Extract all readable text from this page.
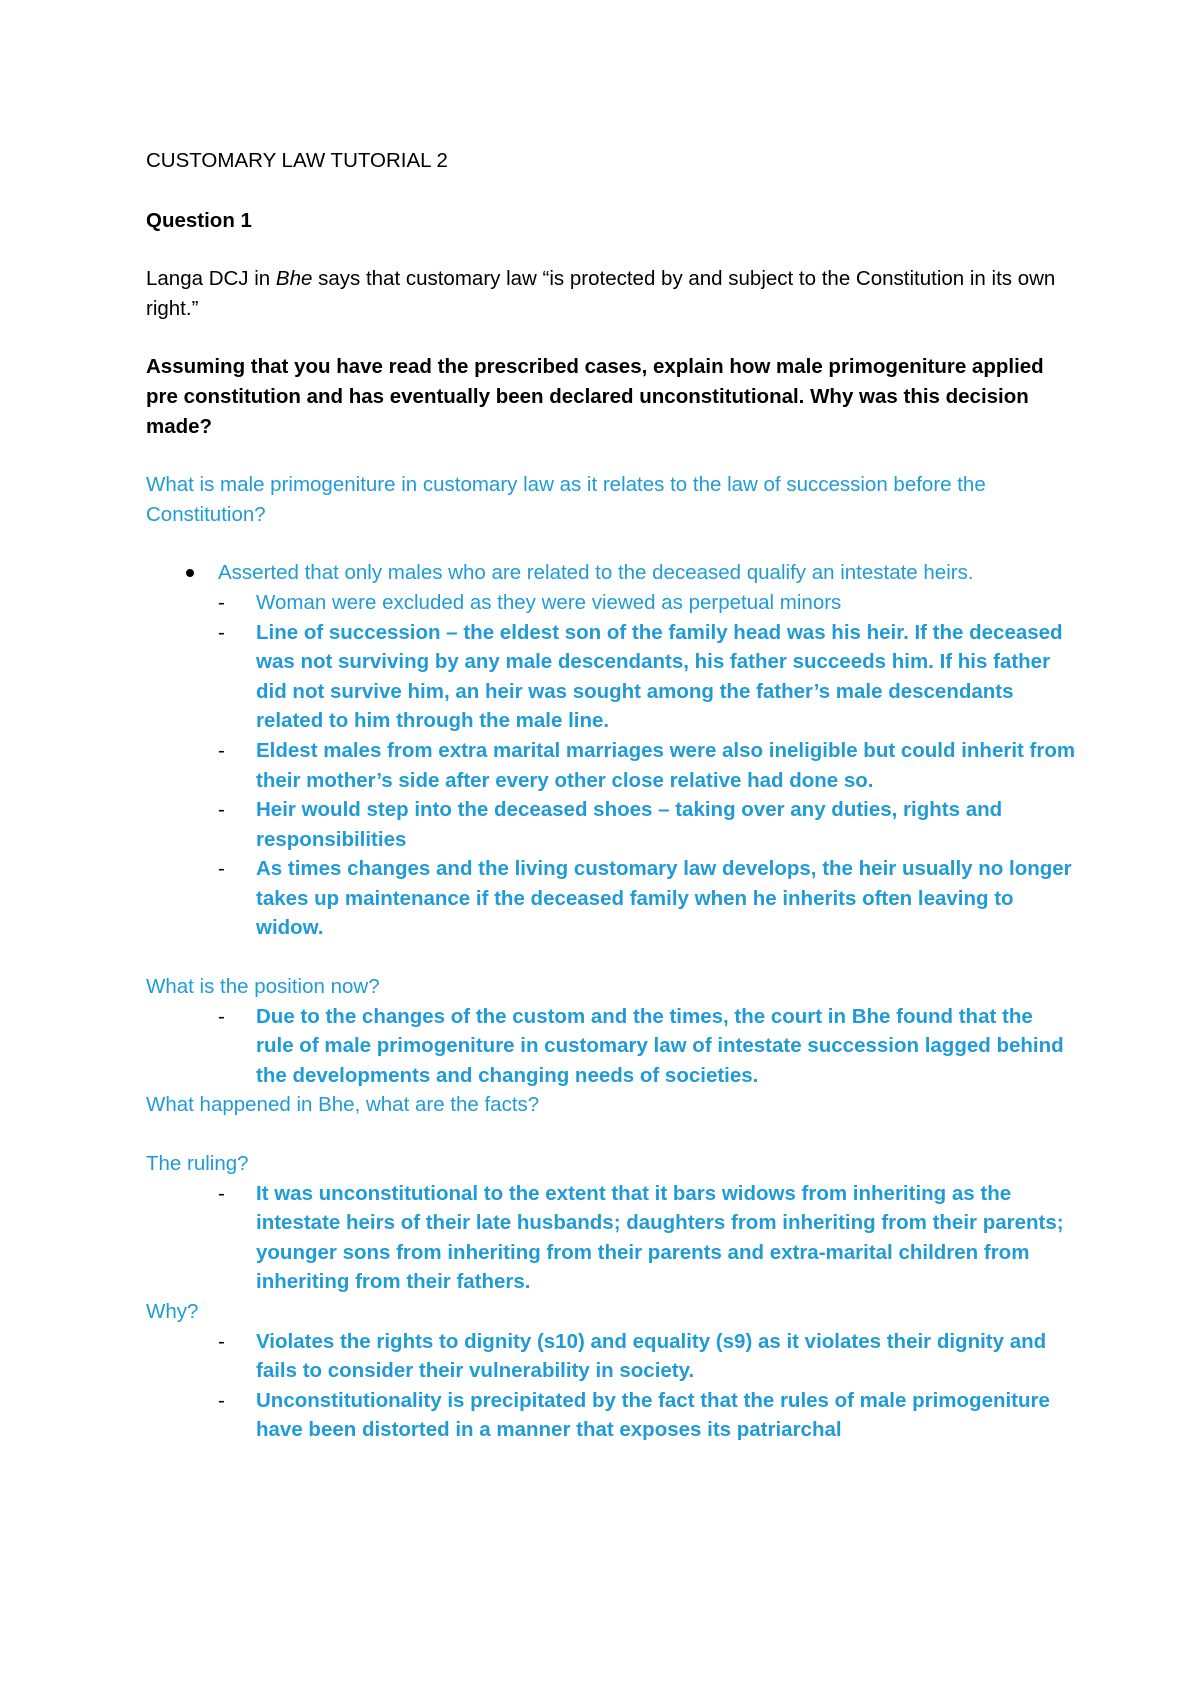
CUSTOMARY LAW TUTORIAL 2

Question 1

Langa DCJ in Bhe says that customary law “is protected by and subject to the Constitution in its own right.”

Assuming that you have read the prescribed cases, explain how male primogeniture applied pre constitution and has eventually been declared unconstitutional. Why was this decision made?

What is male primogeniture in customary law as it relates to the law of succession before the Constitution?

Asserted that only males who are related to the deceased qualify an intestate heirs.
- Woman were excluded as they were viewed as perpetual minors
- Line of succession – the eldest son of the family head was his heir. If the deceased was not surviving by any male descendants, his father succeeds him. If his father did not survive him, an heir was sought among the father’s male descendants related to him through the male line.
- Eldest males from extra marital marriages were also ineligible but could inherit from their mother’s side after every other close relative had done so.
- Heir would step into the deceased shoes – taking over any duties, rights and responsibilities
- As times changes and the living customary law develops, the heir usually no longer takes up maintenance if the deceased family when he inherits often leaving to widow.

What is the position now?

- Due to the changes of the custom and the times, the court in Bhe found that the rule of male primogeniture in customary law of intestate succession lagged behind the developments and changing needs of societies.

What happened in Bhe, what are the facts?

The ruling?

- It was unconstitutional to the extent that it bars widows from inheriting as the intestate heirs of their late husbands; daughters from inheriting from their parents; younger sons from inheriting from their parents and extra-marital children from inheriting from their fathers.

Why?

- Violates the rights to dignity (s10) and equality (s9) as it violates their dignity and fails to consider their vulnerability in society.
- Unconstitutionality is precipitated by the fact that the rules of male primogeniture have been distorted in a manner that exposes its patriarchal
